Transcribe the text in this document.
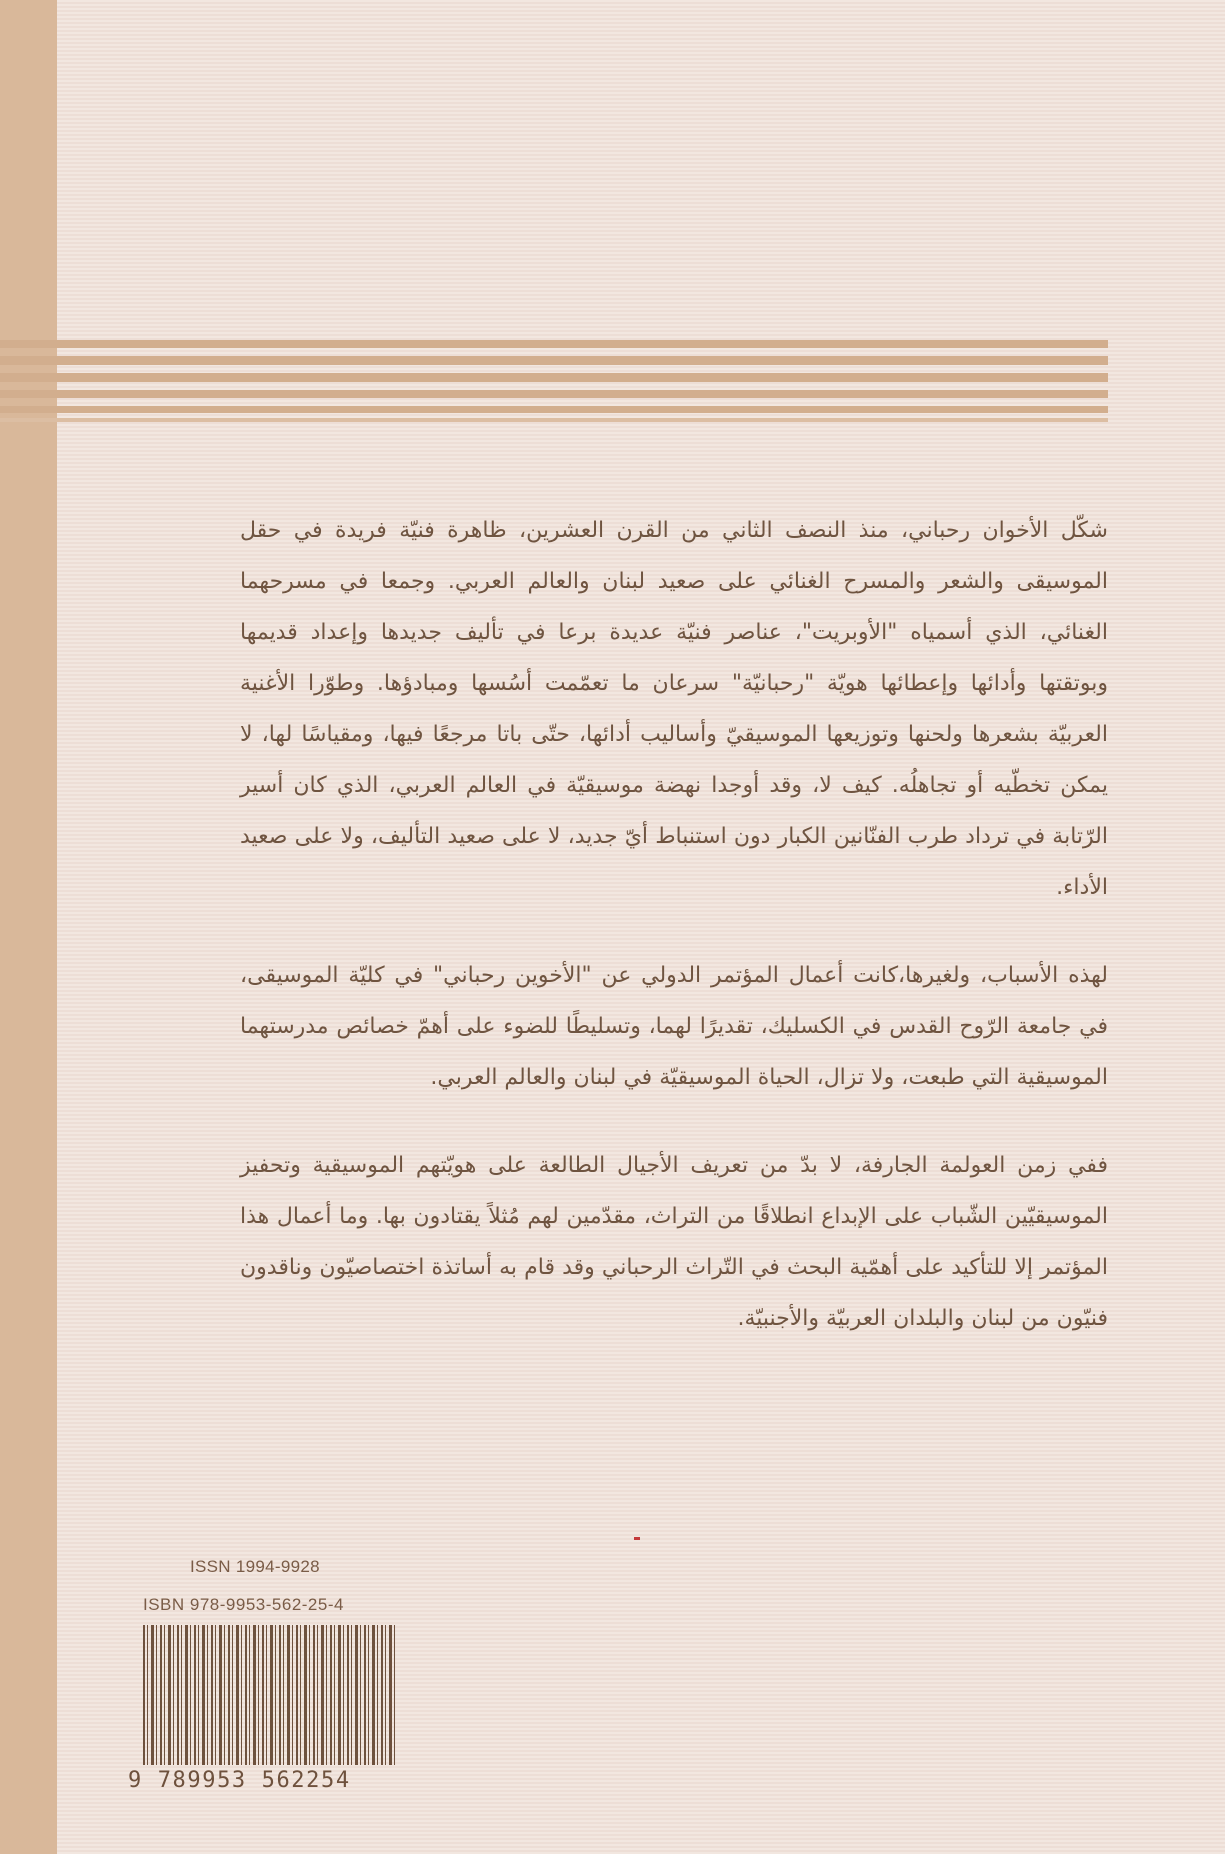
شكّل الأخوان رحباني، منذ النصف الثاني من القرن العشرين، ظاهرة فنيّة فريدة في حقل الموسيقى والشعر والمسرح الغنائي على صعيد لبنان والعالم العربي. وجمعا في مسرحهما الغنائي، الذي أسمياه "الأوبريت"، عناصر فنيّة عديدة برعا في تأليف جديدها وإعداد قديمها وبوتقتها وأدائها وإعطائها هويّة "رحبانيّة" سرعان ما تعمّمت أسُسها ومبادؤها. وطوّرا الأغنية العربيّة بشعرها ولحنها وتوزيعها الموسيقيّ وأساليب أدائها، حتّى باتا مرجعًا فيها، ومقياسًا لها، لا يمكن تخطّيه أو تجاهلُه. كيف لا، وقد أوجدا نهضة موسيقيّة في العالم العربي، الذي كان أسير الرّتابة في ترداد طرب الفنّانين الكبار دون استنباط أيّ جديد، لا على صعيد التأليف، ولا على صعيد الأداء.

لهذه الأسباب، ولغيرها،كانت أعمال المؤتمر الدولي عن "الأخوين رحباني" في كليّة الموسيقى، في جامعة الرّوح القدس في الكسليك، تقديرًا لهما، وتسليطًا للضوء على أهمّ خصائص مدرستهما الموسيقية التي طبعت، ولا تزال، الحياة الموسيقيّة في لبنان والعالم العربي.

ففي زمن العولمة الجارفة، لا بدّ من تعريف الأجيال الطالعة على هويّتهم الموسيقية وتحفيز الموسيقيّين الشّباب على الإبداع انطلاقًا من التراث، مقدّمين لهم مُثلاً يقتادون بها. وما أعمال هذا المؤتمر إلا للتأكيد على أهمّية البحث في التّراث الرحباني وقد قام به أساتذة اختصاصيّون وناقدون فنيّون من لبنان والبلدان العربيّة والأجنبيّة.

ISSN 1994-9928
ISBN 978-9953-562-25-4
9 789953 562254
